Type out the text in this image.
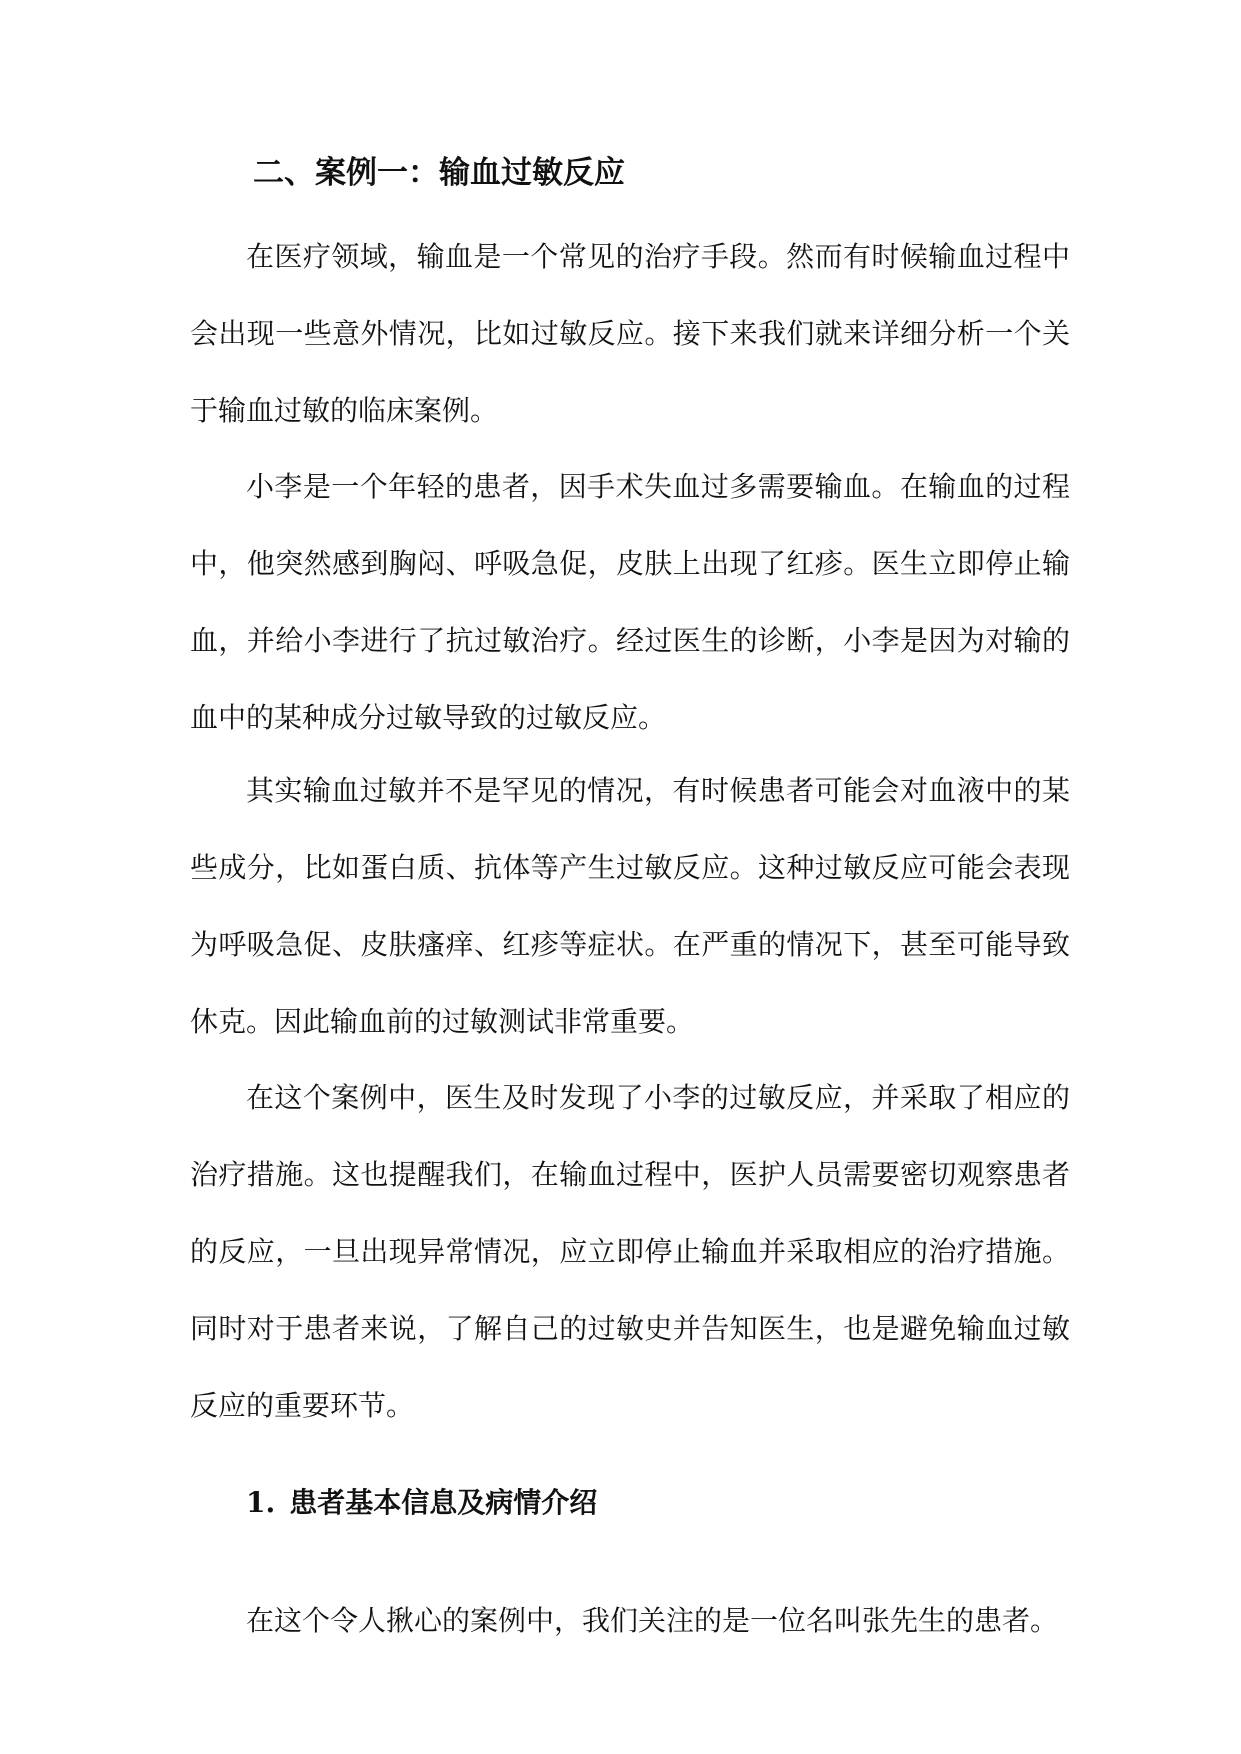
二、案例一：输血过敏反应

在医疗领域，输血是一个常见的治疗手段。然而有时候输血过程中会出现一些意外情况，比如过敏反应。接下来我们就来详细分析一个关于输血过敏的临床案例。

小李是一个年轻的患者，因手术失血过多需要输血。在输血的过程中，他突然感到胸闷、呼吸急促，皮肤上出现了红疹。医生立即停止输血，并给小李进行了抗过敏治疗。经过医生的诊断，小李是因为对输的血中的某种成分过敏导致的过敏反应。

其实输血过敏并不是罕见的情况，有时候患者可能会对血液中的某些成分，比如蛋白质、抗体等产生过敏反应。这种过敏反应可能会表现为呼吸急促、皮肤瘙痒、红疹等症状。在严重的情况下，甚至可能导致休克。因此输血前的过敏测试非常重要。

在这个案例中，医生及时发现了小李的过敏反应，并采取了相应的治疗措施。这也提醒我们，在输血过程中，医护人员需要密切观察患者的反应，一旦出现异常情况，应立即停止输血并采取相应的治疗措施。同时对于患者来说，了解自己的过敏史并告知医生，也是避免输血过敏反应的重要环节。

1. 患者基本信息及病情介绍

在这个令人揪心的案例中，我们关注的是一位名叫张先生的患者。
